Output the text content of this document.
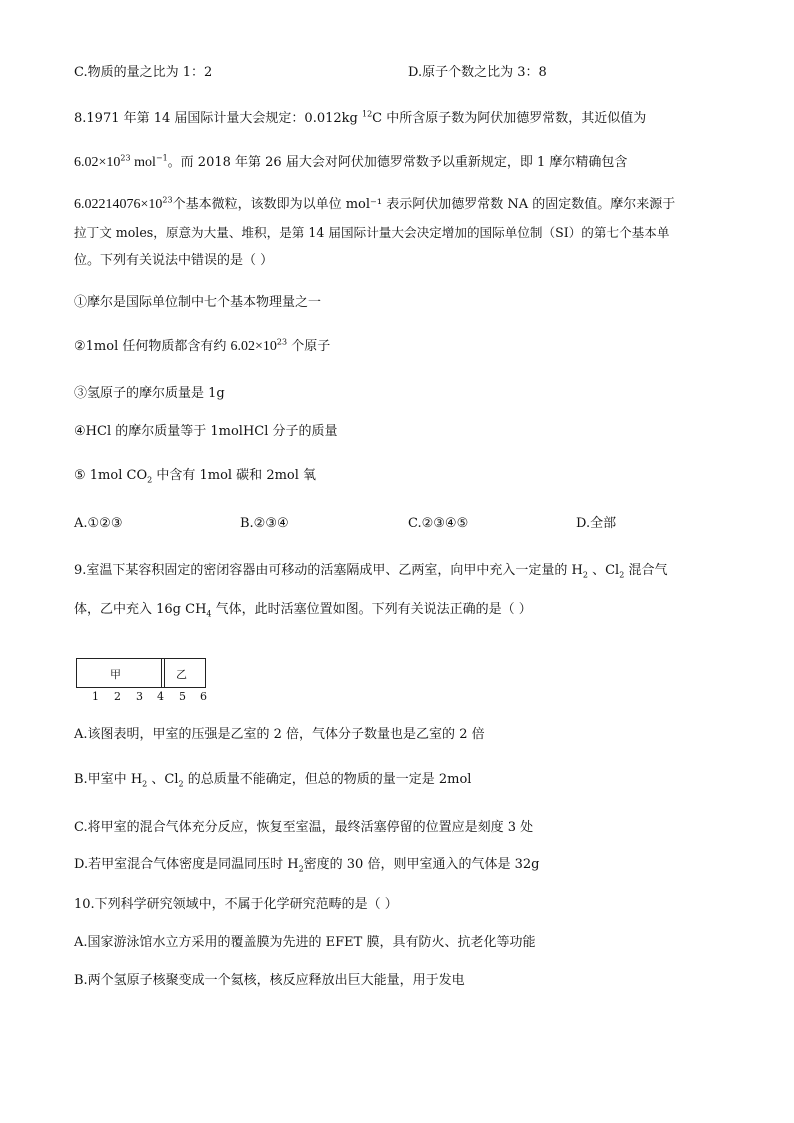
C.物质的量之比为 1：2	D.原子个数之比为 3：8
8.1971 年第 14 届国际计量大会规定：0.012kg $^{12}$C 中所含原子数为阿伏加德罗常数，其近似值为
$6.02\times 10^{23}$ mol$^{-1}$。而 2018 年第 26 届大会对阿伏加德罗常数予以重新规定，即 1 摩尔精确包含
$6.02214076\times 10^{23}$个基本微粒，该数即为以单位 mol⁻¹ 表示阿伏加德罗常数 NA 的固定数值。摩尔来源于
拉丁文 moles，原意为大量、堆积，是第 14 届国际计量大会决定增加的国际单位制（SI）的第七个基本单
位。下列有关说法中错误的是（ ）
①摩尔是国际单位制中七个基本物理量之一
②1mol 任何物质都含有约 $6.02\times 10^{23}$ 个原子
③氢原子的摩尔质量是 1g
④HCl 的摩尔质量等于 1molHCl 分子的质量
⑤ 1mol $CO_2$ 中含有 1mol 碳和 2mol 氧
A.①②③	B.②③④	C.②③④⑤	D.全部
9.室温下某容积固定的密闭容器由可移动的活塞隔成甲、乙两室，向甲中充入一定量的 $H_2$ 、$Cl_2$ 混合气
体，乙中充入 16g $CH_4$ 气体，此时活塞位置如图。下列有关说法正确的是（ ）
甲	乙
1 2 3 4 5 6
A.该图表明，甲室的压强是乙室的 2 倍，气体分子数量也是乙室的 2 倍
B.甲室中 $H_2$ 、$Cl_2$ 的总质量不能确定，但总的物质的量一定是 2mol
C.将甲室的混合气体充分反应，恢复至室温，最终活塞停留的位置应是刻度 3 处
D.若甲室混合气体密度是同温同压时 $H_2$密度的 30 倍，则甲室通入的气体是 32g
10.下列科学研究领域中，不属于化学研究范畴的是（ ）
A.国家游泳馆水立方采用的覆盖膜为先进的 EFET 膜，具有防火、抗老化等功能
B.两个氢原子核聚变成一个氦核，核反应释放出巨大能量，用于发电
